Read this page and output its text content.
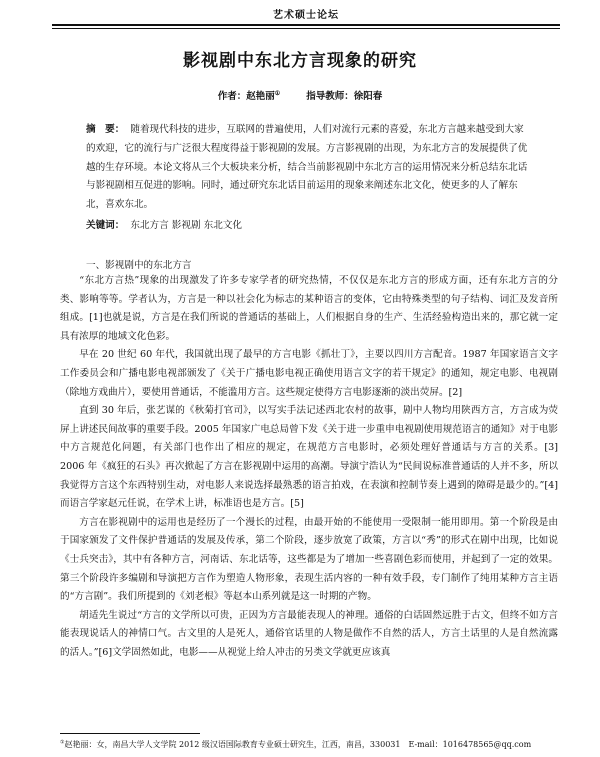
艺术硕士论坛
影视剧中东北方言现象的研究
作者：赵艳丽①	指导教师：徐阳春
摘　要： 随着现代科技的进步，互联网的普遍使用，人们对流行元素的喜爱，东北方言越来越受到大家的欢迎，它的流行与广泛很大程度得益于影视剧的发展。方言影视剧的出现，为东北方言的发展提供了优越的生存环境。本论文将从三个大板块来分析，结合当前影视剧中东北方言的运用情况来分析总结东北话与影视剧相互促进的影响。同时，通过研究东北话目前运用的现象来阐述东北文化，使更多的人了解东北，喜欢东北。
关键词： 东北方言 影视剧 东北文化
一、影视剧中的东北方言

“东北方言热”现象的出现激发了许多专家学者的研究热情，不仅仅是东北方言的形成方面，还有东北方言的分类、影响等等。学者认为，方言是一种以社会化为标志的某种语言的变体，它由特殊类型的句子结构、词汇及发音所组成。[1]也就是说，方言是在我们所说的普通话的基础上，人们根据自身的生产、生活经验构造出来的，那它就一定具有浓厚的地域文化色彩。

早在 20 世纪 60 年代，我国就出现了最早的方言电影《抓壮丁》，主要以四川方言配音。1987 年国家语言文字工作委员会和广播电影电视部颁发了《关于广播电影电视正确使用语言文字的若干规定》的通知，规定电影、电视剧（除地方戏曲片），要使用普通话，不能滥用方言。这些规定使得方言电影逐渐的淡出荧屏。[2]

直到 30 年后，张艺谋的《秋菊打官司》，以写实手法记述西北农村的故事，剧中人物均用陕西方言，方言成为荧屏上讲述民间故事的重要手段。2005 年国家广电总局曾下发《关于进一步重申电视剧使用规范语言的通知》对于电影中方言规范化问题，有关部门也作出了相应的规定，在规范方言电影时，必须处理好普通话与方言的关系。[3]　2006 年《疯狂的石头》再次掀起了方言在影视剧中运用的高潮。导演宁浩认为“民间说标准普通话的人并不多，所以我觉得方言这个东西特别生动，对电影人来说选择最熟悉的语言拍戏，在表演和控制节奏上遇到的障碍是最少的。”[4]而语言学家赵元任说，在学术上讲，标准语也是方言。[5]

方言在影视剧中的运用也是经历了一个漫长的过程，由最开始的不能使用一受限制一能用即用。第一个阶段是由于国家颁发了文件保护普通话的发展及传承，第二个阶段，逐步放宽了政策，方言以“秀”的形式在剧中出现，比如说《士兵突击》，其中有各种方言，河南话、东北话等，这些都是为了增加一些喜剧色彩而使用，并起到了一定的效果。第三个阶段许多编剧和导演把方言作为塑造人物形象，表现生活内容的一种有效手段，专门制作了纯用某种方言主语的“方言剧”。我们所提到的《刘老根》等赵本山系列就是这一时期的产物。

胡适先生说过“方言的文学所以可贵，正因为方言最能表现人的神理。通俗的白话固然远胜于古文，但终不如方言能表现说话人的神情口气。古文里的人是死人，通俗官话里的人物是做作不自然的活人，方言土话里的人是自然流露的活人。”[6]文学固然如此，电影——从视觉上给人冲击的另类文学就更应该真

①赵艳丽：女，南昌大学人文学院 2012 级汉语国际教育专业硕士研究生，江西，南昌，330031　E-mail：1016478565@qq.com
